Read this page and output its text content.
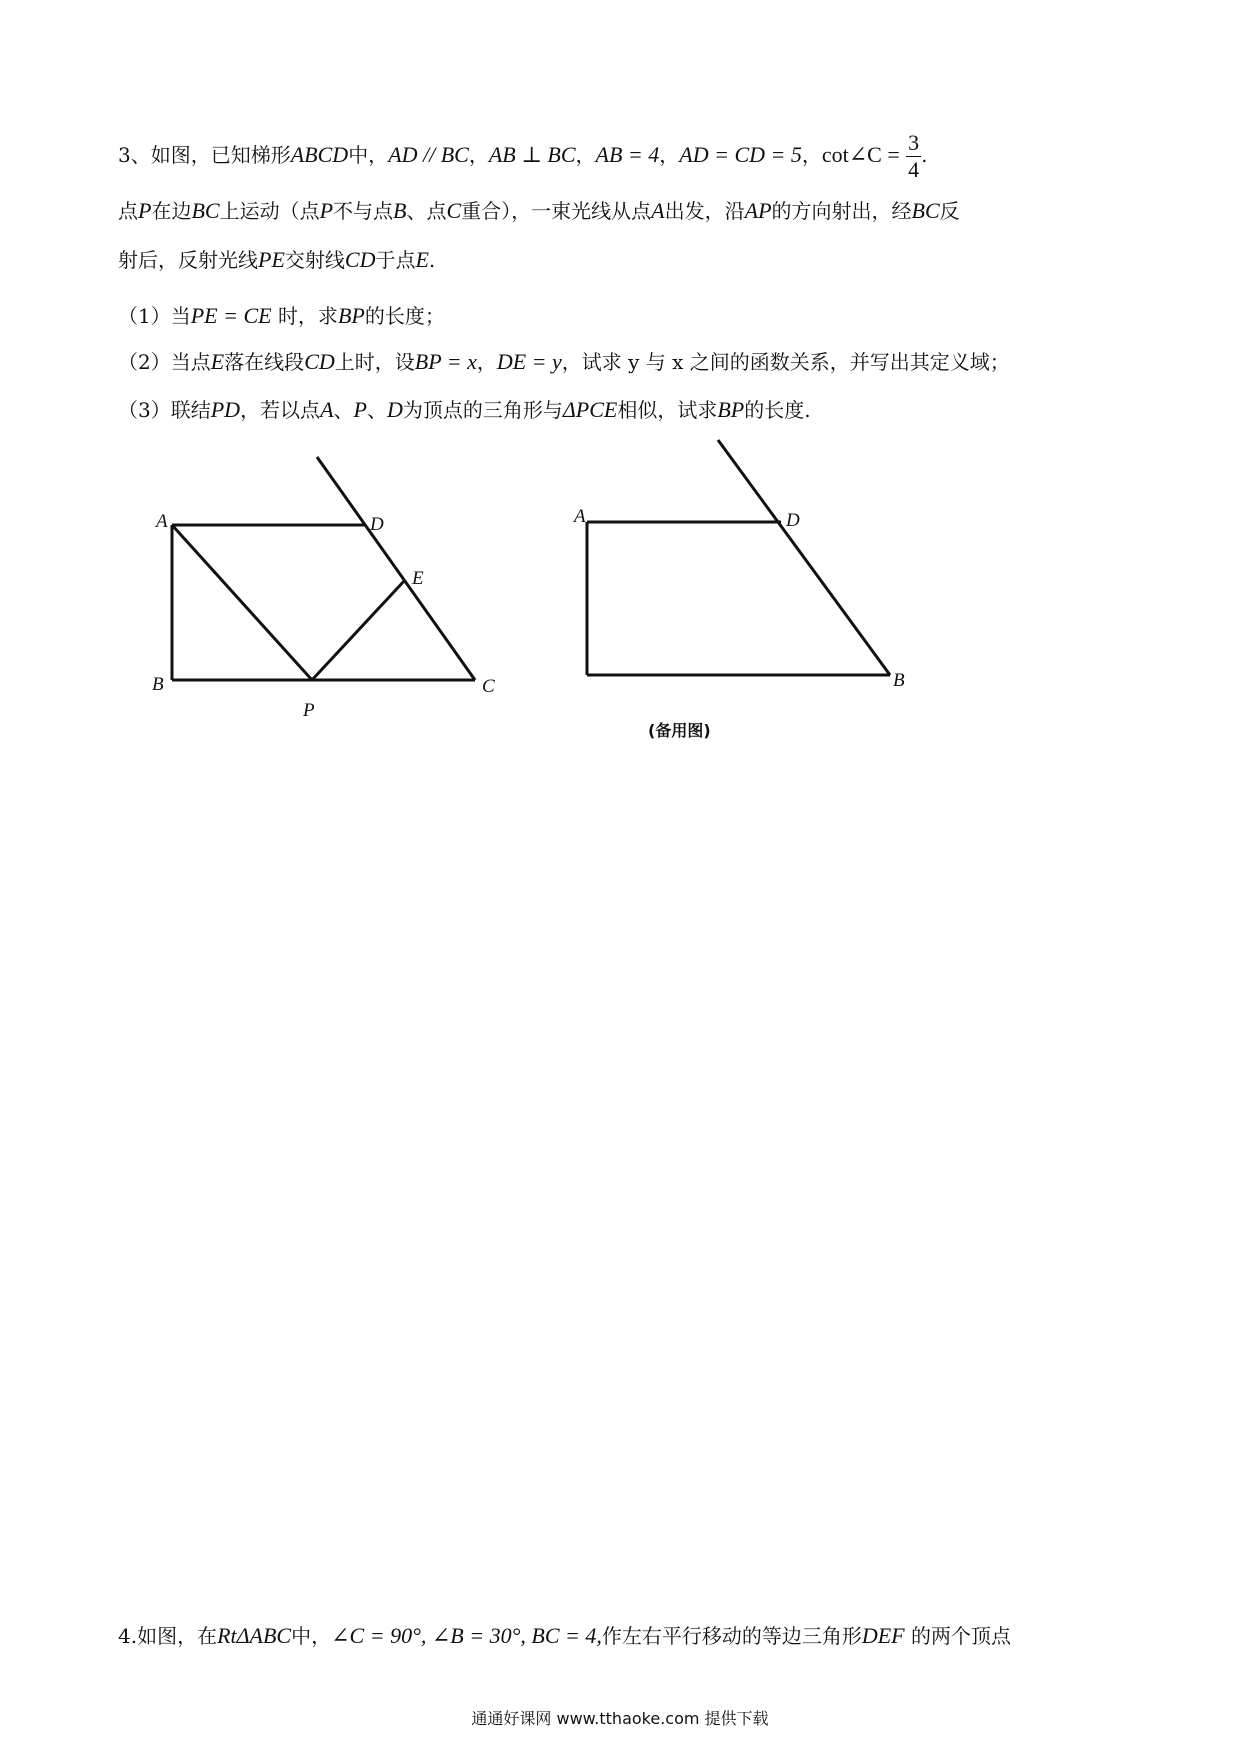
3、如图，已知梯形ABCD中，AD // BC，AB ⊥ BC，AB = 4，AD = CD = 5，cot∠C = $\frac{3}{4}$ .
点P在边BC上运动（点P不与点B、点C重合），一束光线从点A出发，沿AP的方向射出，经BC反
射后，反射光线PE交射线CD于点E.
（1）当PE = CE 时，求BP的长度；
（2）当点E落在线段CD上时，设BP = x，DE = y，试求 y 与 x 之间的函数关系，并写出其定义域；
（3）联结PD，若以点A、P、D为顶点的三角形与ΔPCE相似，试求BP的长度.
A	D
E
B	C
P
A	D
B
(备用图)
4.如图，在RtΔABC中，∠C = 90°, ∠B = 30°, BC = 4,作左右平行移动的等边三角形DEF 的两个顶点
通通好课网 www.tthaoke.com 提供下载
